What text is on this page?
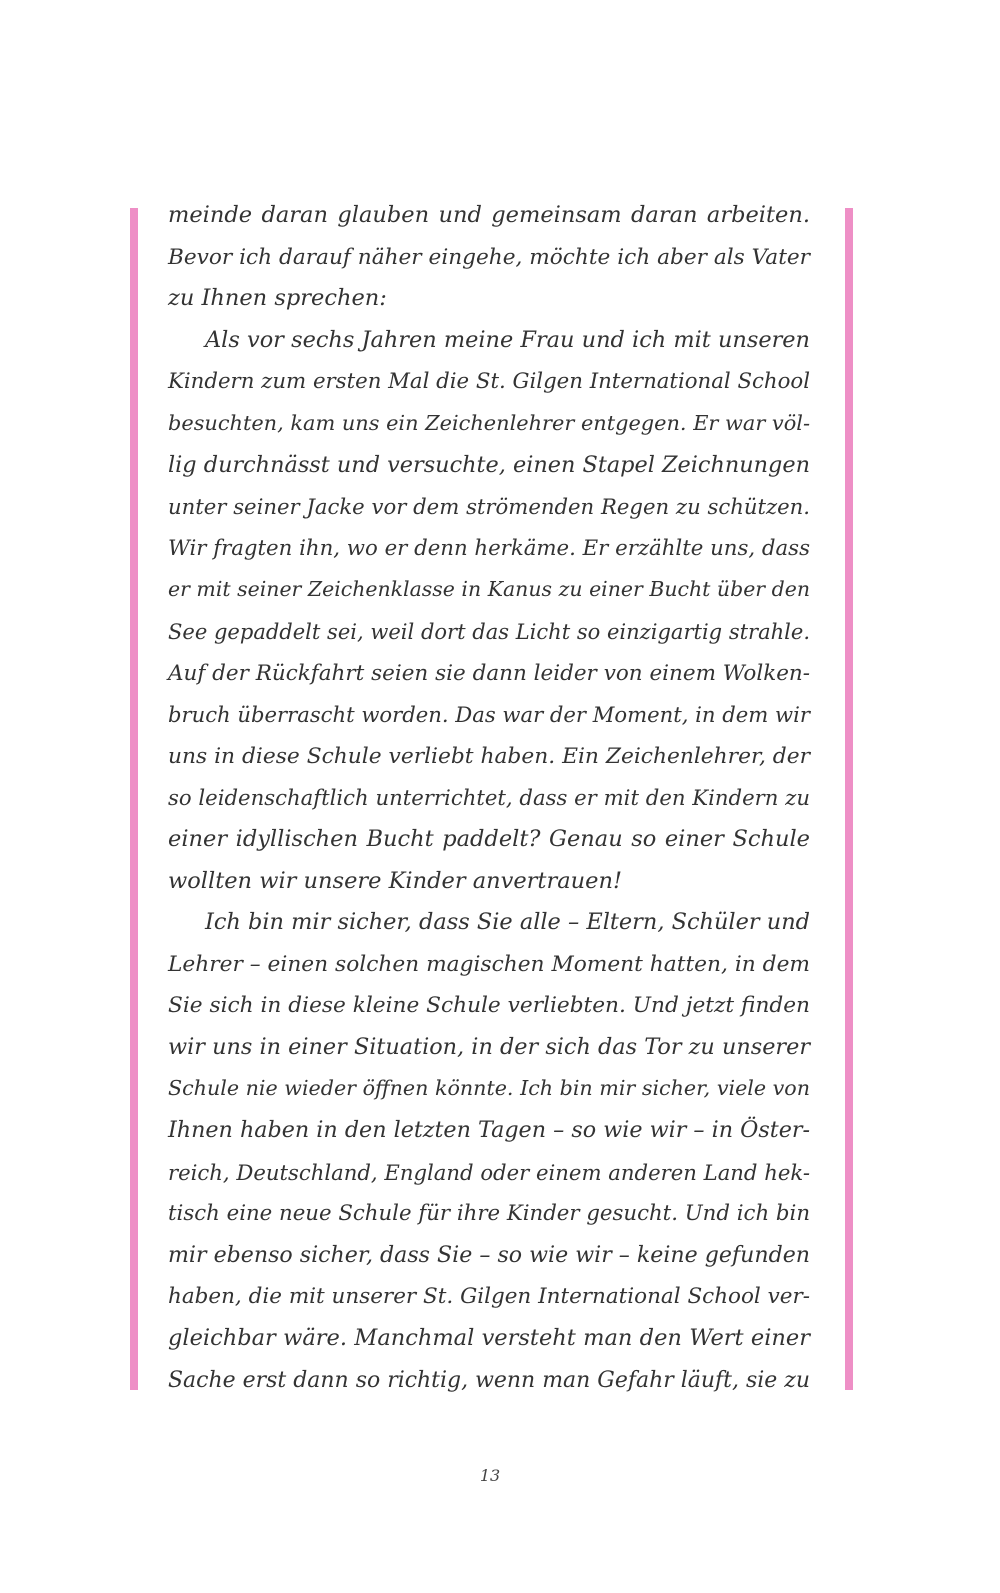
meinde daran glauben und gemeinsam daran arbeiten.
Bevor ich darauf näher eingehe, möchte ich aber als Vater
zu Ihnen sprechen:
Als vor sechs Jahren meine Frau und ich mit unseren
Kindern zum ersten Mal die St. Gilgen International School
besuchten, kam uns ein Zeichenlehrer entgegen. Er war völ-
lig durchnässt und versuchte, einen Stapel Zeichnungen
unter seiner Jacke vor dem strömenden Regen zu schützen.
Wir fragten ihn, wo er denn herkäme. Er erzählte uns, dass
er mit seiner Zeichenklasse in Kanus zu einer Bucht über den
See gepaddelt sei, weil dort das Licht so einzigartig strahle.
Auf der Rückfahrt seien sie dann leider von einem Wolken-
bruch überrascht worden. Das war der Moment, in dem wir
uns in diese Schule verliebt haben. Ein Zeichenlehrer, der
so leidenschaftlich unterrichtet, dass er mit den Kindern zu
einer idyllischen Bucht paddelt? Genau so einer Schule
wollten wir unsere Kinder anvertrauen!
Ich bin mir sicher, dass Sie alle – Eltern, Schüler und
Lehrer – einen solchen magischen Moment hatten, in dem
Sie sich in diese kleine Schule verliebten. Und jetzt finden
wir uns in einer Situation, in der sich das Tor zu unserer
Schule nie wieder öffnen könnte. Ich bin mir sicher, viele von
Ihnen haben in den letzten Tagen – so wie wir – in Öster-
reich, Deutschland, England oder einem anderen Land hek-
tisch eine neue Schule für ihre Kinder gesucht. Und ich bin
mir ebenso sicher, dass Sie – so wie wir – keine gefunden
haben, die mit unserer St. Gilgen International School ver-
gleichbar wäre. Manchmal versteht man den Wert einer
Sache erst dann so richtig, wenn man Gefahr läuft, sie zu
13
